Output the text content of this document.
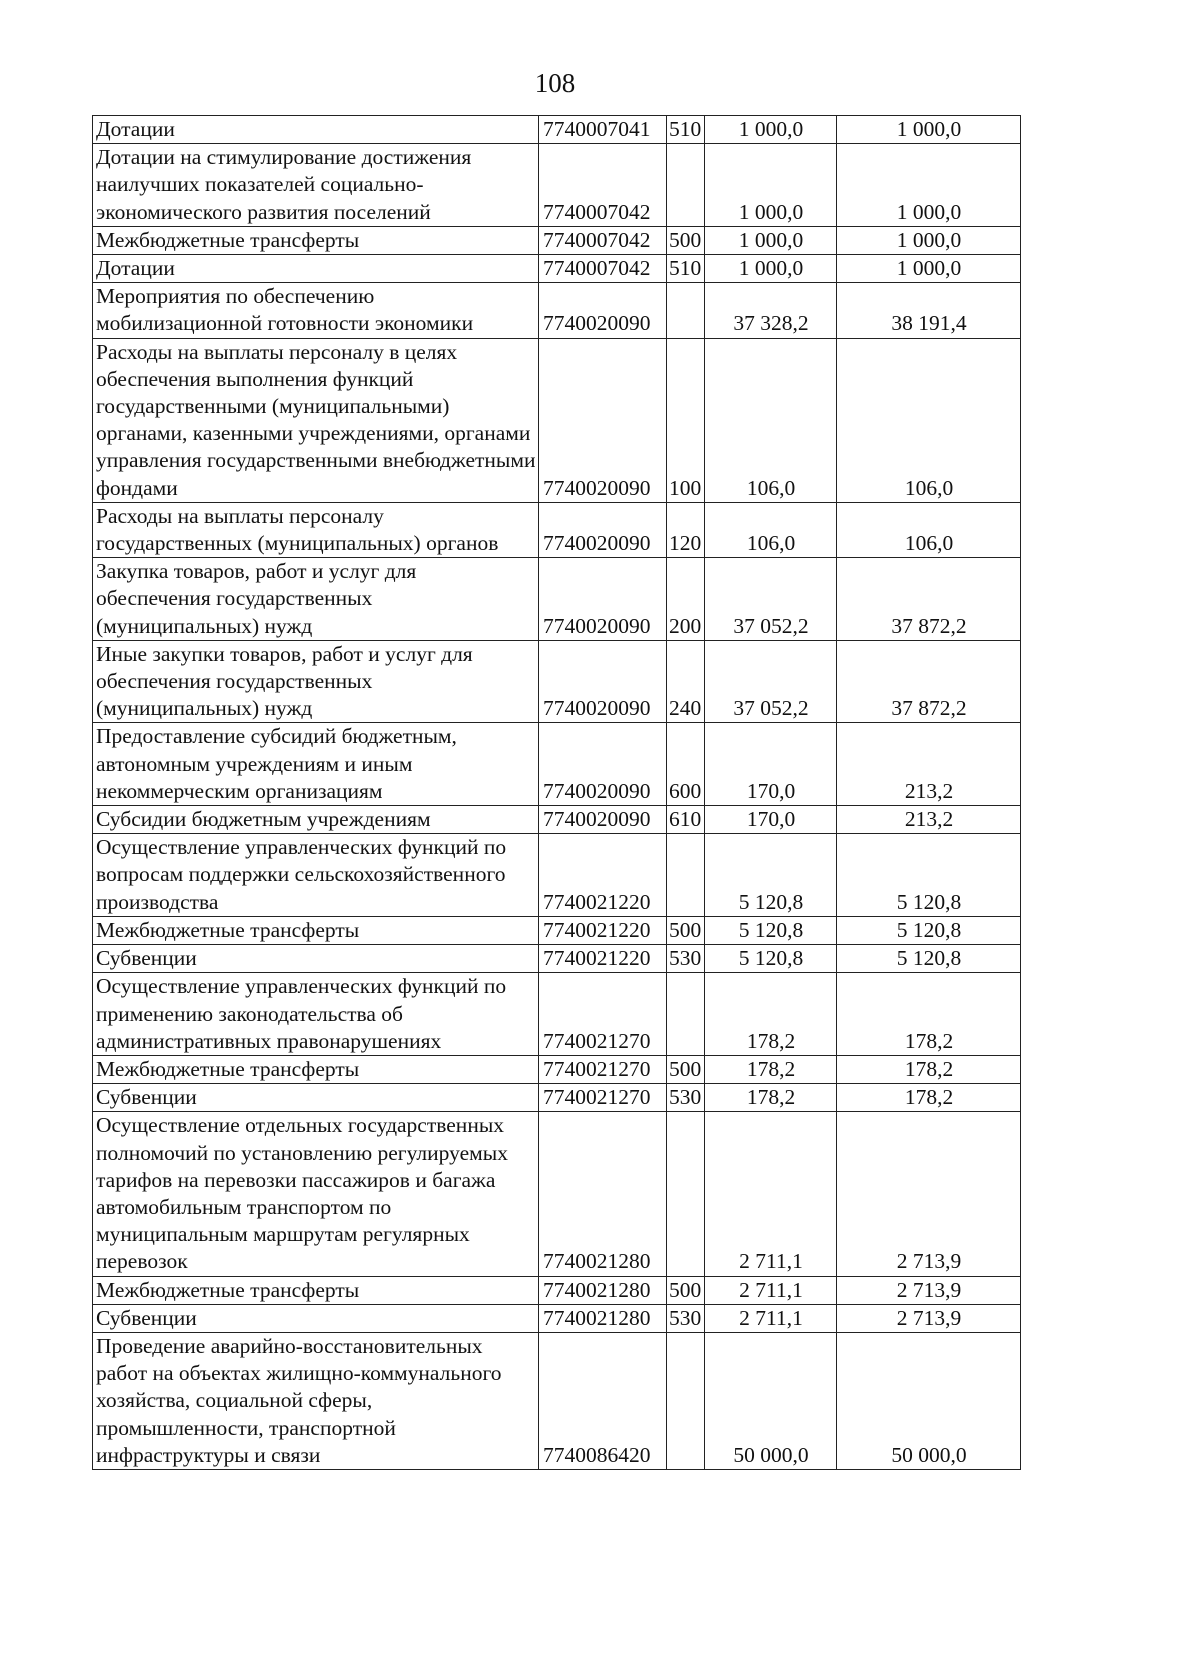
108
Дотации	7740007041	510	1 000,0	1 000,0
Дотации на стимулирование достижения наилучших показателей социально-экономического развития поселений	7740007042		1 000,0	1 000,0
Межбюджетные трансферты	7740007042	500	1 000,0	1 000,0
Дотации	7740007042	510	1 000,0	1 000,0
Мероприятия по обеспечению мобилизационной готовности экономики	7740020090		37 328,2	38 191,4
Расходы на выплаты персоналу в целях обеспечения выполнения функций государственными (муниципальными) органами, казенными учреждениями, органами управления государственными внебюджетными фондами	7740020090	100	106,0	106,0
Расходы на выплаты персоналу государственных (муниципальных) органов	7740020090	120	106,0	106,0
Закупка товаров, работ и услуг для обеспечения государственных (муниципальных) нужд	7740020090	200	37 052,2	37 872,2
Иные закупки товаров, работ и услуг для обеспечения государственных (муниципальных) нужд	7740020090	240	37 052,2	37 872,2
Предоставление субсидий бюджетным, автономным учреждениям и иным некоммерческим организациям	7740020090	600	170,0	213,2
Субсидии бюджетным учреждениям	7740020090	610	170,0	213,2
Осуществление управленческих функций по вопросам поддержки сельскохозяйственного производства	7740021220		5 120,8	5 120,8
Межбюджетные трансферты	7740021220	500	5 120,8	5 120,8
Субвенции	7740021220	530	5 120,8	5 120,8
Осуществление управленческих функций по применению законодательства об административных правонарушениях	7740021270		178,2	178,2
Межбюджетные трансферты	7740021270	500	178,2	178,2
Субвенции	7740021270	530	178,2	178,2
Осуществление отдельных государственных полномочий по установлению регулируемых тарифов на перевозки пассажиров и багажа автомобильным транспортом по муниципальным маршрутам регулярных перевозок	7740021280		2 711,1	2 713,9
Межбюджетные трансферты	7740021280	500	2 711,1	2 713,9
Субвенции	7740021280	530	2 711,1	2 713,9
Проведение аварийно-восстановительных работ на объектах жилищно-коммунального хозяйства, социальной сферы, промышленности, транспортной инфраструктуры и связи	7740086420		50 000,0	50 000,0
